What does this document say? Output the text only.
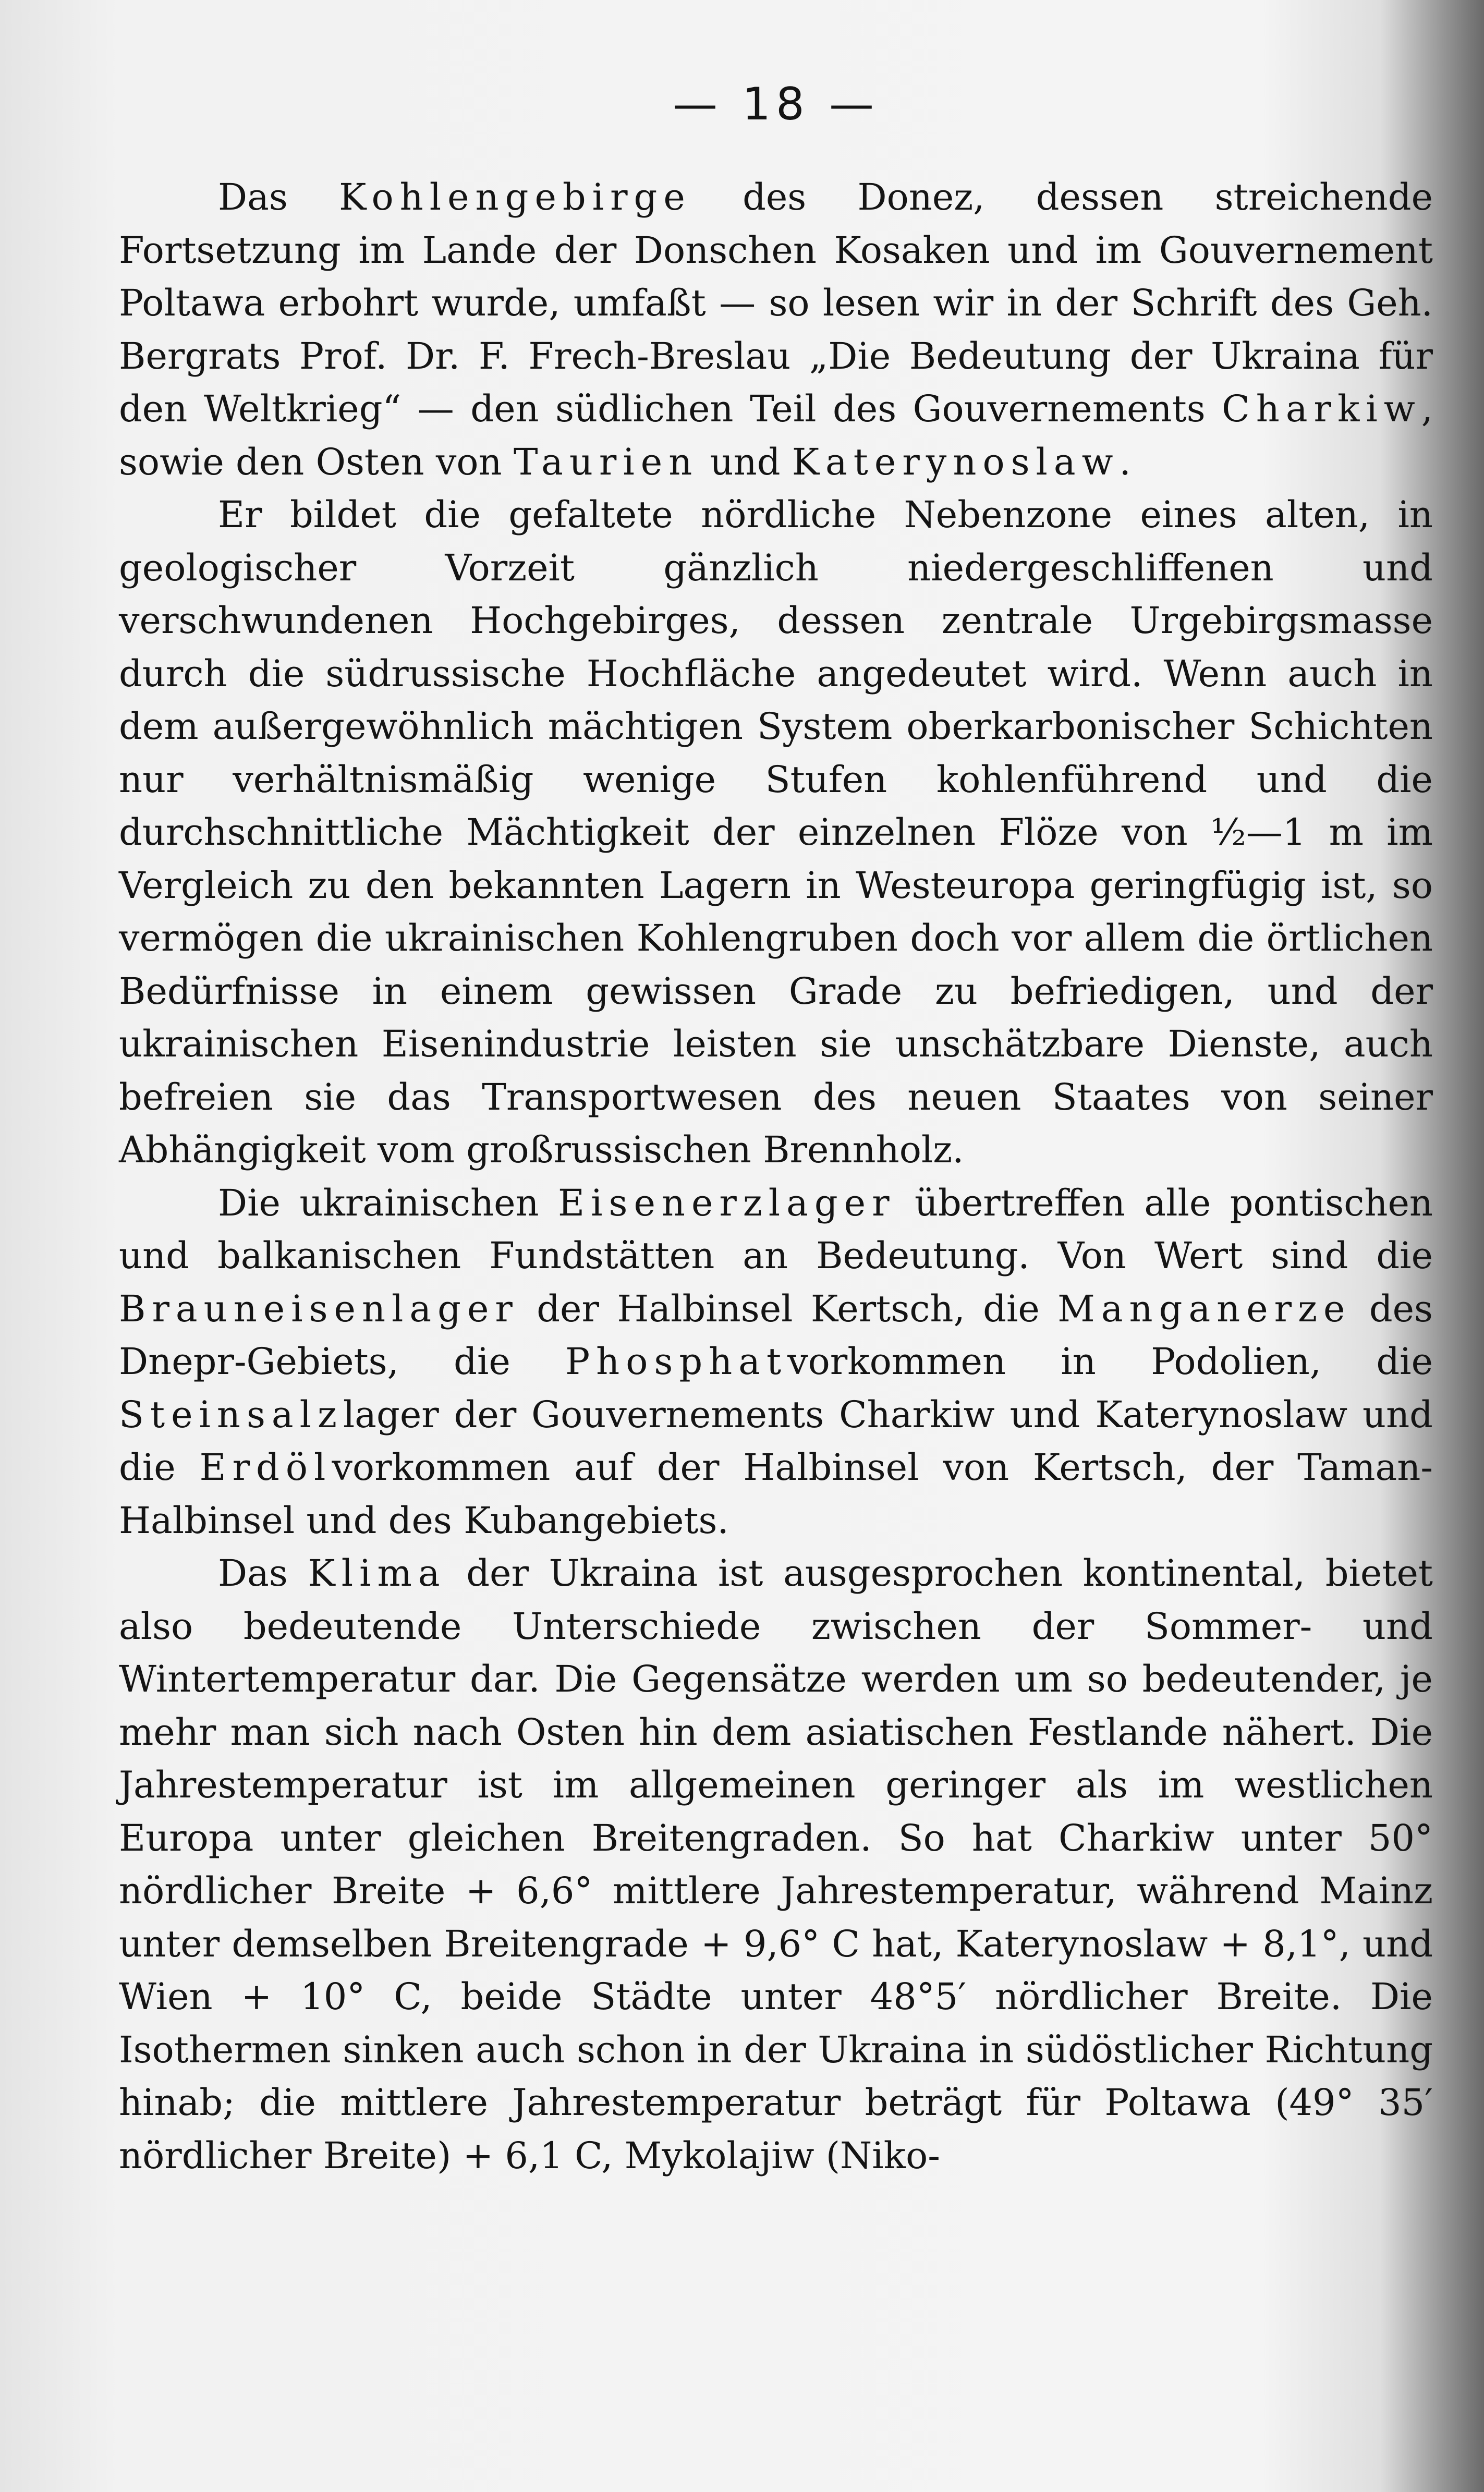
— 18 —

Das Kohlengebirge des Donez, dessen streichende Fortsetzung im Lande der Donschen Kosaken und im Gouvernement Poltawa erbohrt wurde, umfaßt — so lesen wir in der Schrift des Geh. Bergrats Prof. Dr. F. Frech-Breslau „Die Bedeutung der Ukraina für den Weltkrieg“ — den südlichen Teil des Gouvernements Charkiw, sowie den Osten von Taurien und Katerynoslaw.

Er bildet die gefaltete nördliche Nebenzone eines alten, in geologischer Vorzeit gänzlich niedergeschliffenen und verschwundenen Hochgebirges, dessen zentrale Urgebirgsmasse durch die südrussische Hochfläche angedeutet wird. Wenn auch in dem außergewöhnlich mächtigen System oberkarbonischer Schichten nur verhältnismäßig wenige Stufen kohlenführend und die durchschnittliche Mächtigkeit der einzelnen Flöze von ½—1 m im Vergleich zu den bekannten Lagern in Westeuropa geringfügig ist, so vermögen die ukrainischen Kohlengruben doch vor allem die örtlichen Bedürfnisse in einem gewissen Grade zu befriedigen, und der ukrainischen Eisenindustrie leisten sie unschätzbare Dienste, auch befreien sie das Transportwesen des neuen Staates von seiner Abhängigkeit vom großrussischen Brennholz.

Die ukrainischen Eisenerzlager übertreffen alle pontischen und balkanischen Fundstätten an Bedeutung. Von Wert sind die Brauneisenlager der Halbinsel Kertsch, die Manganerze des Dnepr-Gebiets, die Phosphatvorkommen in Podolien, die Steinsalzlager der Gouvernements Charkiw und Katerynoslaw und die Erdölvorkommen auf der Halbinsel von Kertsch, der Taman-Halbinsel und des Kubangebiets.

Das Klima der Ukraina ist ausgesprochen kontinental, bietet also bedeutende Unterschiede zwischen der Sommer- und Wintertemperatur dar. Die Gegensätze werden um so bedeutender, je mehr man sich nach Osten hin dem asiatischen Festlande nähert. Die Jahrestemperatur ist im allgemeinen geringer als im westlichen Europa unter gleichen Breitengraden. So hat Charkiw unter 50° nördlicher Breite + 6,6° mittlere Jahrestemperatur, während Mainz unter demselben Breitengrade + 9,6° C hat, Katerynoslaw + 8,1°, und Wien + 10° C, beide Städte unter 48°5′ nördlicher Breite. Die Isothermen sinken auch schon in der Ukraina in südöstlicher Richtung hinab; die mittlere Jahrestemperatur beträgt für Poltawa (49° 35′ nördlicher Breite) + 6,1 C, Mykolajiw (Niko-
